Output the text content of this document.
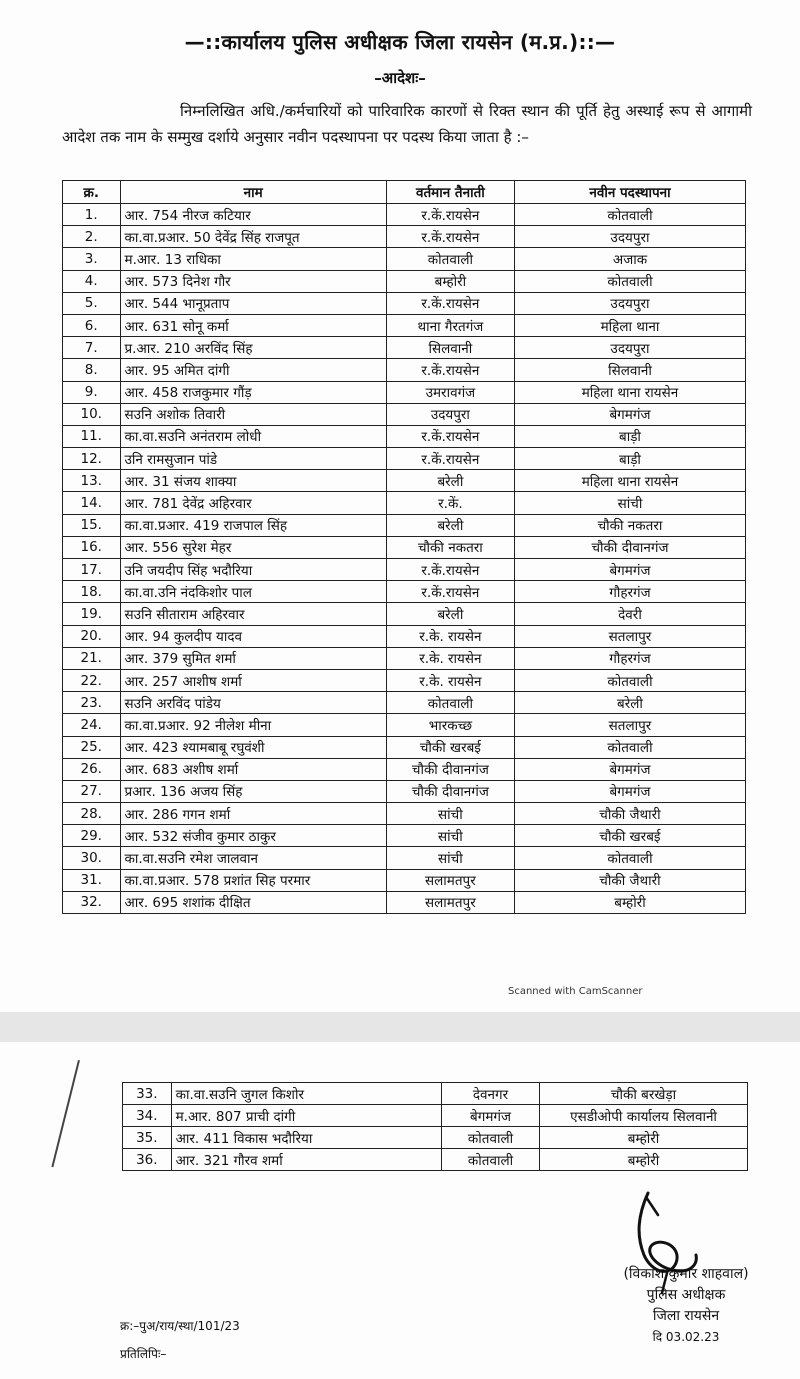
—::कार्यालय पुलिस अधीक्षक जिला रायसेन (म.प्र.)::—
–आदेशः–
निम्नलिखित अधि./कर्मचारियों को पारिवारिक कारणों से रिक्त स्थान की पूर्ति हेतु अस्थाई रूप से आगामी आदेश तक नाम के सम्मुख दर्शाये अनुसार नवीन पदस्थापना पर पदस्थ किया जाता है :–
क्र.	नाम	वर्तमान तैनाती	नवीन पदस्थापना
1.	आर. 754 नीरज कटियार	र.कें.रायसेन	कोतवाली
2.	का.वा.प्रआर. 50 देवेंद्र सिंह राजपूत	र.कें.रायसेन	उदयपुरा
3.	म.आर. 13 राधिका	कोतवाली	अजाक
4.	आर. 573 दिनेश गौर	बम्होरी	कोतवाली
5.	आर. 544 भानूप्रताप	र.कें.रायसेन	उदयपुरा
6.	आर. 631 सोनू कर्मा	थाना गैरतगंज	महिला थाना
7.	प्र.आर. 210 अरविंद सिंह	सिलवानी	उदयपुरा
8.	आर. 95 अमित दांगी	र.कें.रायसेन	सिलवानी
9.	आर. 458 राजकुमार गौंड़	उमरावगंज	महिला थाना रायसेन
10.	सउनि अशोक तिवारी	उदयपुरा	बेगमगंज
11.	का.वा.सउनि अनंतराम लोधी	र.कें.रायसेन	बाड़ी
12.	उनि रामसुजान पांडे	र.कें.रायसेन	बाड़ी
13.	आर. 31 संजय शाक्या	बरेली	महिला थाना रायसेन
14.	आर. 781 देवेंद्र अहिरवार	र.कें.	सांची
15.	का.वा.प्रआर. 419 राजपाल सिंह	बरेली	चौकी नकतरा
16.	आर. 556 सुरेश मेहर	चौकी नकतरा	चौकी दीवानगंज
17.	उनि जयदीप सिंह भदौरिया	र.कें.रायसेन	बेगमगंज
18.	का.वा.उनि नंदकिशोर पाल	र.कें.रायसेन	गौहरगंज
19.	सउनि सीताराम अहिरवार	बरेली	देवरी
20.	आर. 94 कुलदीप यादव	र.के. रायसेन	सतलापुर
21.	आर. 379 सुमित शर्मा	र.के. रायसेन	गौहरगंज
22.	आर. 257 आशीष शर्मा	र.के. रायसेन	कोतवाली
23.	सउनि अरविंद पांडेय	कोतवाली	बरेली
24.	का.वा.प्रआर. 92 नीलेश मीना	भारकच्छ	सतलापुर
25.	आर. 423 श्यामबाबू रघुवंशी	चौकी खरबई	कोतवाली
26.	आर. 683 अशीष शर्मा	चौकी दीवानगंज	बेगमगंज
27.	प्रआर. 136 अजय सिंह	चौकी दीवानगंज	बेगमगंज
28.	आर. 286 गगन शर्मा	सांची	चौकी जैथारी
29.	आर. 532 संजीव कुमार ठाकुर	सांची	चौकी खरबई
30.	का.वा.सउनि रमेश जालवान	सांची	कोतवाली
31.	का.वा.प्रआर. 578 प्रशांत सिह परमार	सलामतपुर	चौकी जैथारी
32.	आर. 695 शशांक दीक्षित	सलामतपुर	बम्होरी
Scanned with CamScanner
33.	का.वा.सउनि जुगल किशोर	देवनगर	चौकी बरखेड़ा
34.	म.आर. 807 प्राची दांगी	बेगमगंज	एसडीओपी कार्यालय सिलवानी
35.	आर. 411 विकास भदौरिया	कोतवाली	बम्होरी
36.	आर. 321 गौरव शर्मा	कोतवाली	बम्होरी
(विकाश कुमार शाहवाल)
पुलिस अधीक्षक
जिला रायसेन
दि 03.02.23
क्र:–पुअ/राय/स्था/101/23
प्रतिलिपिः–
